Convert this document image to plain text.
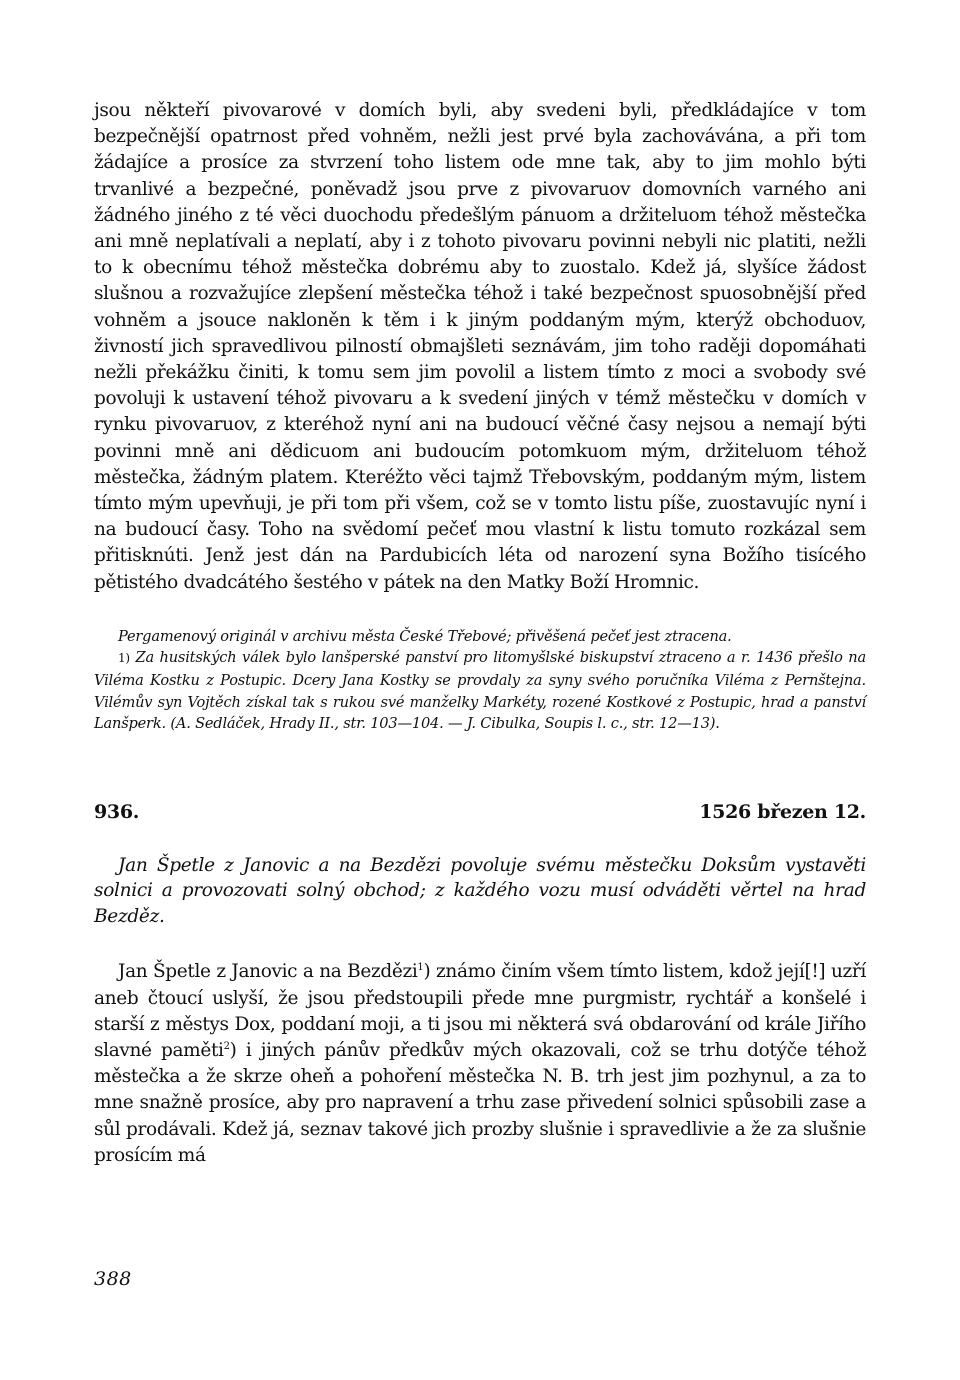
jsou někteří pivovarové v domích byli, aby svedeni byli, předkládajíce v tom bezpečnější opatrnost před vohněm, nežli jest prvé byla zachovávána, a při tom žádajíce a prosíce za stvrzení toho listem ode mne tak, aby to jim mohlo býti trvanlivé a bezpečné, poněvadž jsou prve z pivovaruov domovních varného ani žádného jiného z té věci duochodu předešlým pánuom a držiteluom téhož městečka ani mně neplatívali a neplatí, aby i z tohoto pivovaru povinni nebyli nic platiti, nežli to k obecnímu téhož městečka dobrému aby to zuostalo. Kdež já, slyšíce žádost slušnou a rozvažujíce zlepšení městečka téhož i také bezpečnost spuosobnější před vohněm a jsouce nakloněn k těm i k jiným poddaným mým, kterýž obchoduov, živností jich spravedlivou pilností obmajšleti seznávám, jim toho raději dopomáhati nežli překážku činiti, k tomu sem jim povolil a listem tímto z moci a svobody své povoluji k ustavení téhož pivovaru a k svedení jiných v témž městečku v domích v rynku pivovaruov, z kteréhož nyní ani na budoucí věčné časy nejsou a nemají býti povinni mně ani dědicuom ani budoucím potomkuom mým, držiteluom téhož městečka, žádným platem. Kteréžto věci tajmž Třebovským, poddaným mým, listem tímto mým upevňuji, je při tom při všem, což se v tomto listu píše, zuostavujíc nyní i na budoucí časy. Toho na svědomí pečeť mou vlastní k listu tomuto rozkázal sem přitisknúti. Jenž jest dán na Pardubicích léta od narození syna Božího tisícého pětistého dvadcátého šestého v pátek na den Matky Boží Hromnic.

Pergamenový originál v archivu města České Třebové; přivěšená pečeť jest ztracena.

1) Za husitských válek bylo lanšperské panství pro litomyšlské biskupství ztraceno a r. 1436 přešlo na Viléma Kostku z Postupic. Dcery Jana Kostky se provdaly za syny svého poručníka Viléma z Pernštejna. Vilémův syn Vojtěch získal tak s rukou své manželky Markéty, rozené Kostkové z Postupic, hrad a panství Lanšperk. (A. Sedláček, Hrady II., str. 103—104. — J. Cibulka, Soupis l. c., str. 12—13).

936.	1526 březen 12.

Jan Špetle z Janovic a na Bezdězi povoluje svému městečku Doksům vystavěti solnici a provozovati solný obchod; z každého vozu musí odváděti věrtel na hrad Bezděz.

Jan Špetle z Janovic a na Bezdězi$^1$) známo činím všem tímto listem, kdož její[!] uzří aneb čtoucí uslyší, že jsou předstoupili přede mne purgmistr, rychtář a konšelé i starší z městys Dox, poddaní moji, a ti jsou mi některá svá obdarování od krále Jiřího slavné paměti$^2$) i jiných pánův předkův mých okazovali, což se trhu dotýče téhož městečka a že skrze oheň a pohoření městečka N. B. trh jest jim pozhynul, a za to mne snažně prosíce, aby pro napravení a trhu zase přivedení solnici spůsobili zase a sůl prodávali. Kdež já, seznav takové jich prozby slušnie i spravedlivie a že za slušnie prosícím má

388
